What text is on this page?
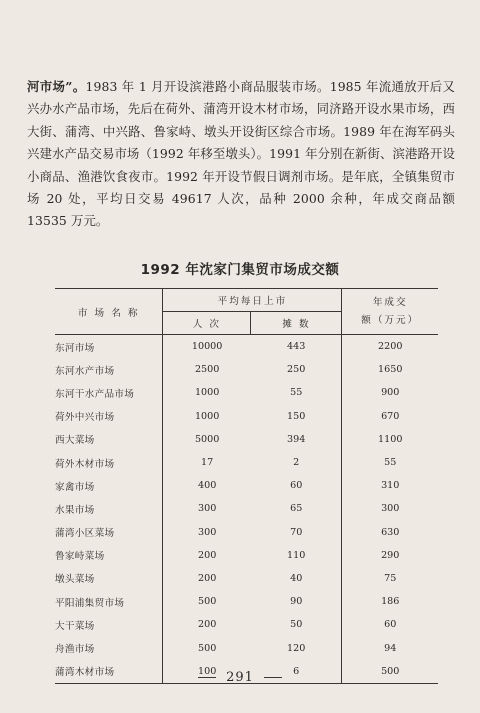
河市场”。1983 年 1 月开设滨港路小商品服装市场。1985 年流通放开后又兴办水产品市场，先后在荷外、蒲湾开设木材市场，同济路开设水果市场，西大街、蒲湾、中兴路、鲁家峙、墩头开设街区综合市场。1989 年在海军码头兴建水产品交易市场（1992 年移至墩头）。1991 年分别在新街、滨港路开设小商品、渔港饮食夜市。1992 年开设节假日调剂市场。是年底，全镇集贸市场 20 处，平均日交易 49617 人次，品种 2000 余种，年成交商品额 13535 万元。
1992 年沈家门集贸市场成交额
市 场 名 称	平均每日上市		年成交
额（万元）

	人 次	摊 数	
东河市场	10000	443	2200
东河水产市场	2500	250	1650
东河干水产品市场	1000	55	900
荷外中兴市场	1000	150	670
西大菜场	5000	394	1100
荷外木材市场	17	2	55
家禽市场	400	60	310
水果市场	300	65	300
蒲湾小区菜场	300	70	630
鲁家峙菜场	200	110	290
墩头菜场	200	40	75
平阳浦集贸市场	500	90	186
大干菜场	200	50	60
舟渔市场	500	120	94
蒲湾木材市场	100	6	500
291
